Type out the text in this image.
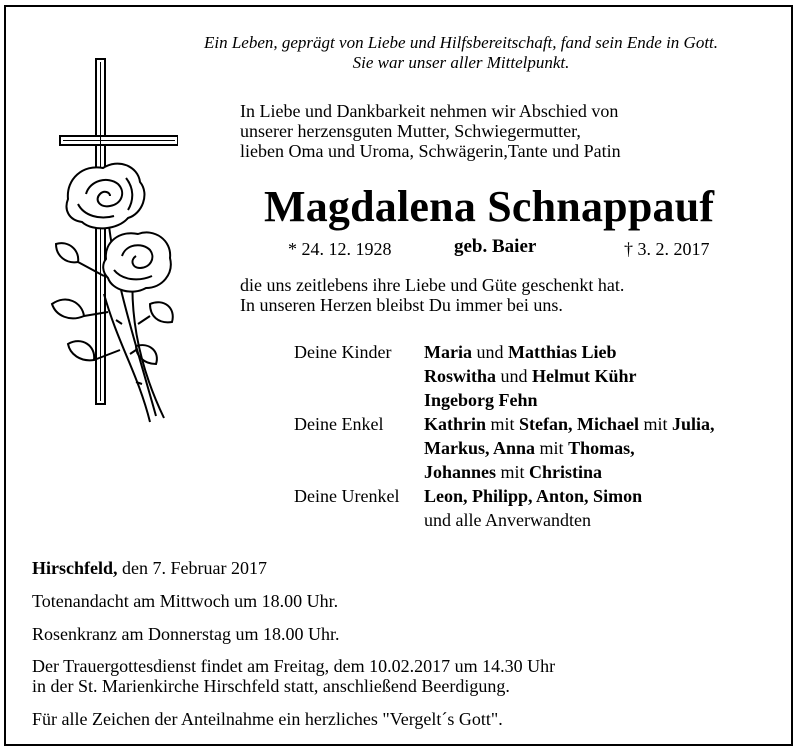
Ein Leben, geprägt von Liebe und Hilfsbereitschaft, fand sein Ende in Gott.
Sie war unser aller Mittelpunkt.
In Liebe und Dankbarkeit nehmen wir Abschied von
unserer herzensguten Mutter, Schwiegermutter,
lieben Oma und Uroma, Schwägerin,Tante und Patin
Magdalena Schnappauf
* 24. 12. 1928	geb. Baier	† 3. 2. 2017
die uns zeitlebens ihre Liebe und Güte geschenkt hat.
In unseren Herzen bleibst Du immer bei uns.
Deine Kinder Maria und Matthias Lieb
Roswitha und Helmut Kühr
Ingeborg Fehn
Deine Enkel Kathrin mit Stefan, Michael mit Julia,
Markus, Anna mit Thomas,
Johannes mit Christina
Deine Urenkel Leon, Philipp, Anton, Simon
und alle Anverwandten
Hirschfeld, den 7. Februar 2017
Totenandacht am Mittwoch um 18.00 Uhr.
Rosenkranz am Donnerstag um 18.00 Uhr.
Der Trauergottesdienst findet am Freitag, dem 10.02.2017 um 14.30 Uhr
in der St. Marienkirche Hirschfeld statt, anschließend Beerdigung.
Für alle Zeichen der Anteilnahme ein herzliches "Vergelt´s Gott".
